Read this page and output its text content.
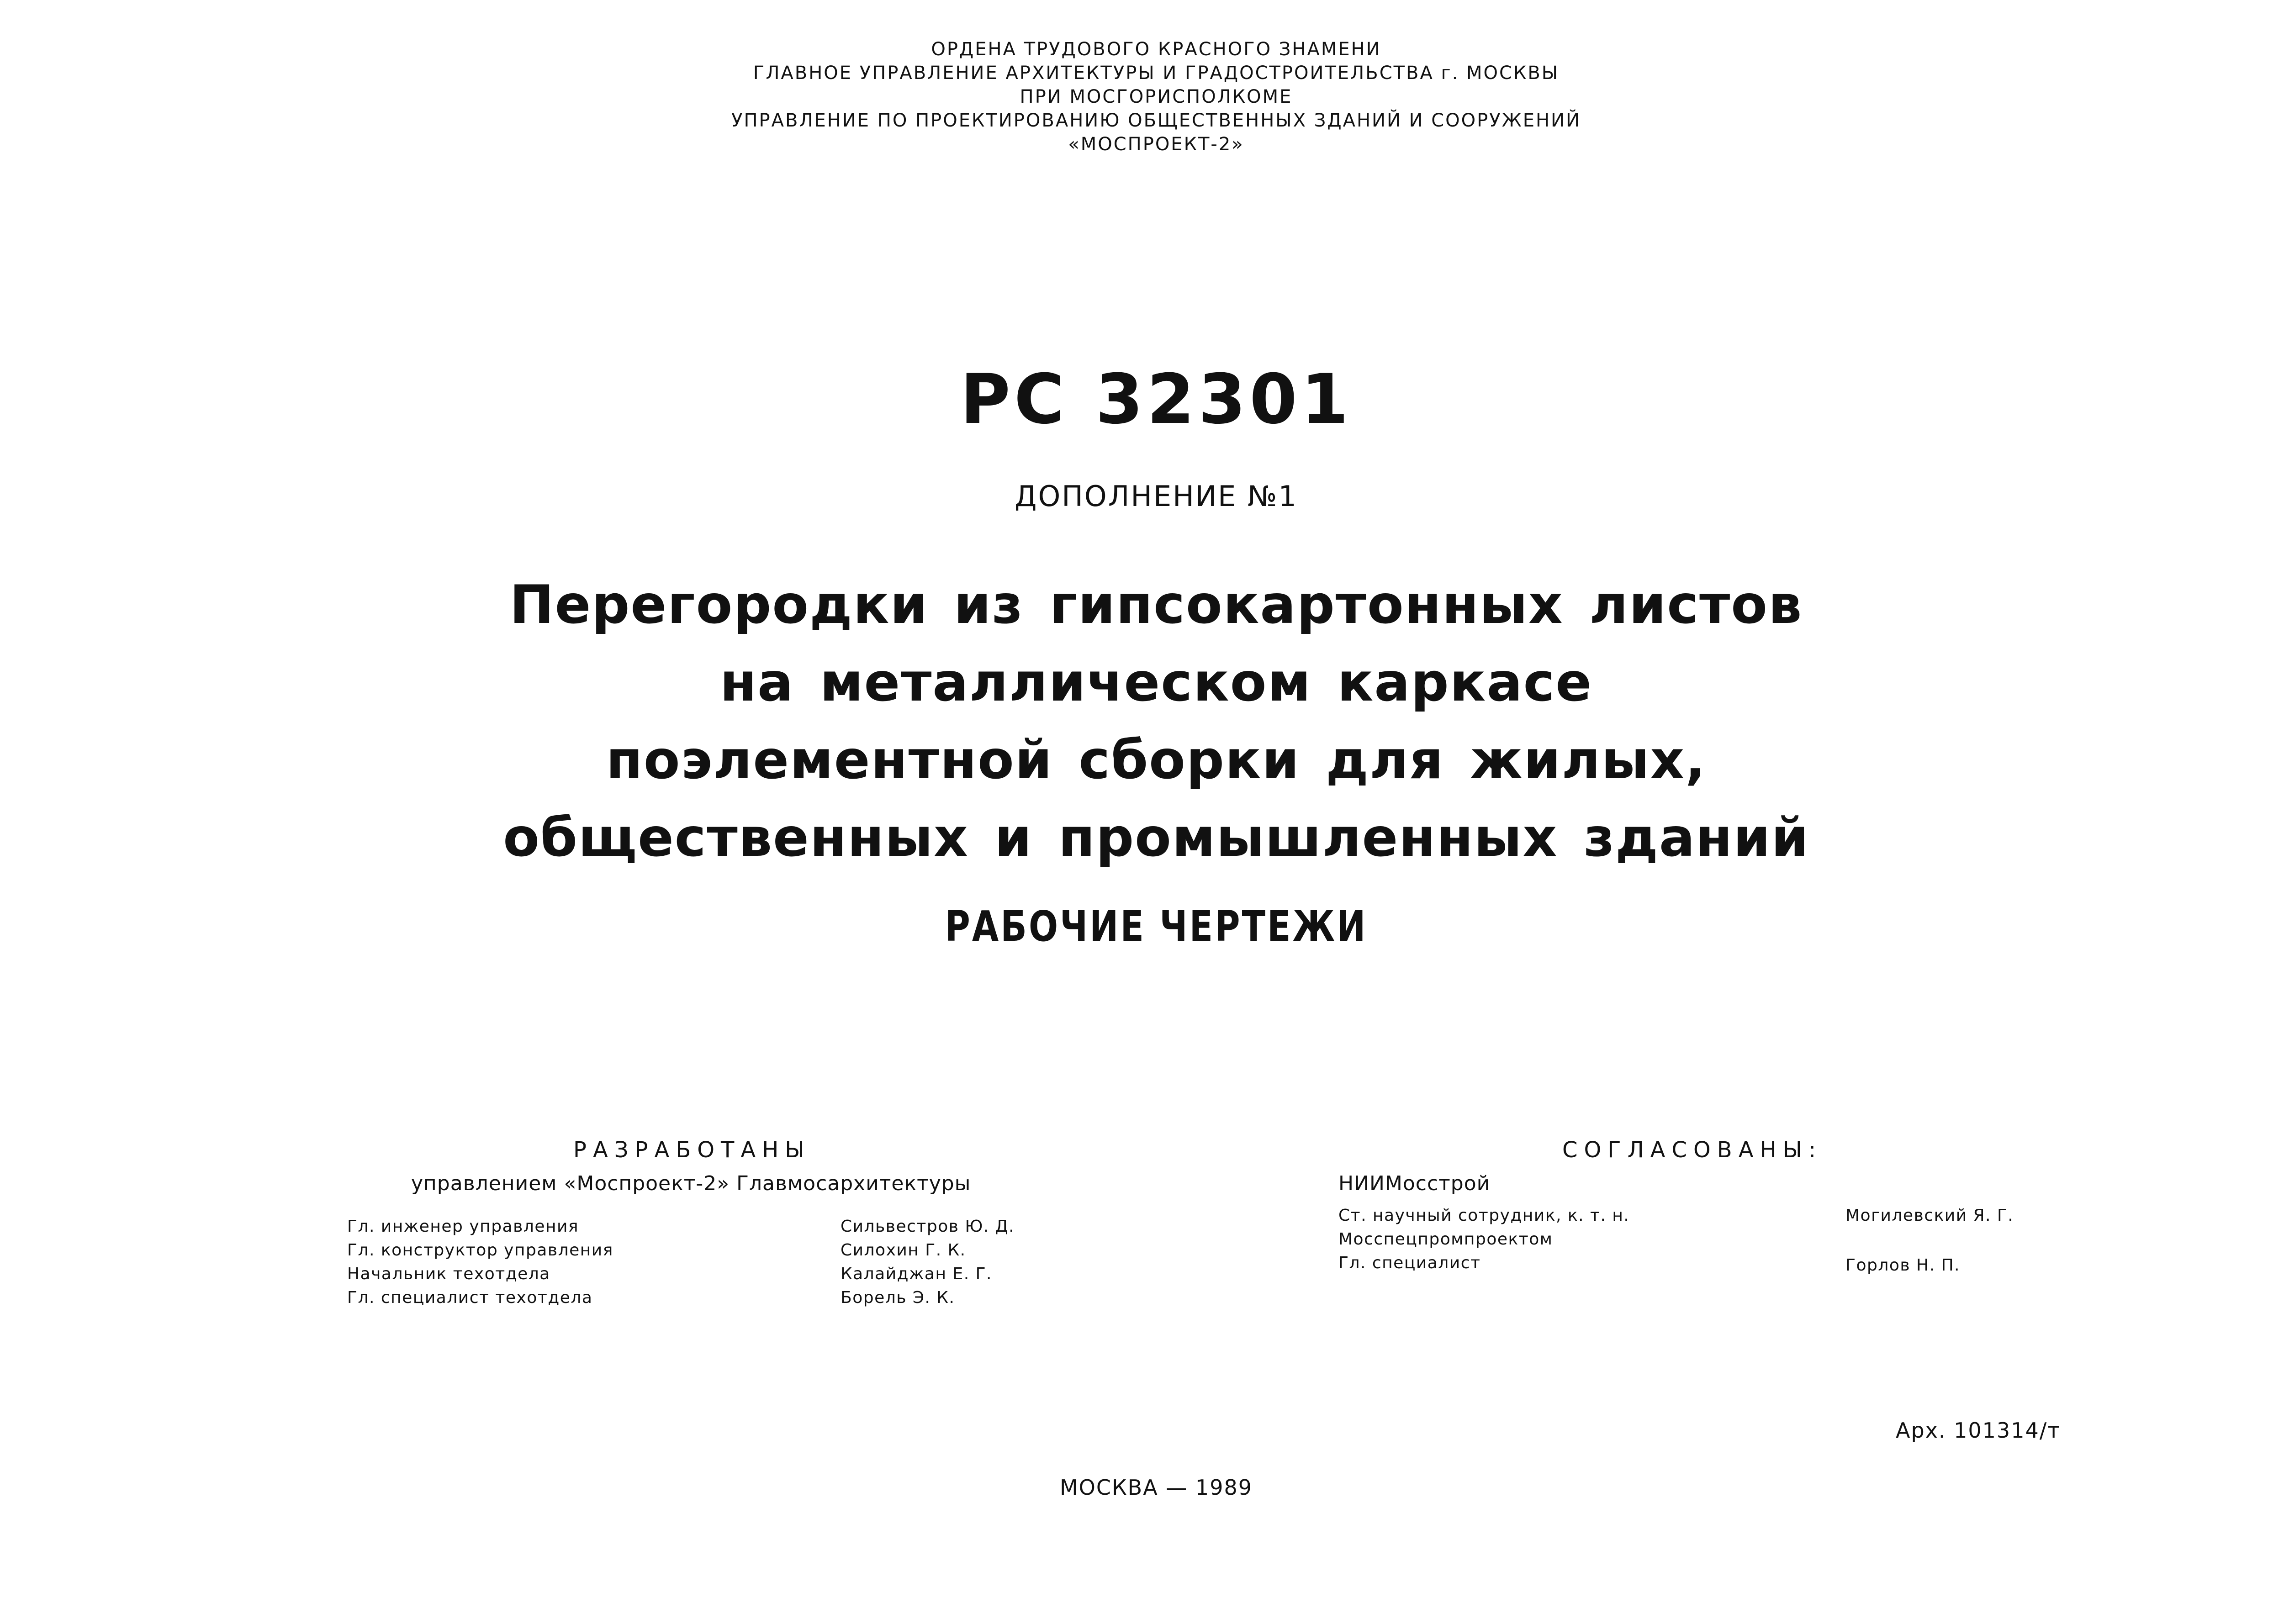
ОРДЕНА ТРУДОВОГО КРАСНОГО ЗНАМЕНИ
ГЛАВНОЕ УПРАВЛЕНИЕ АРХИТЕКТУРЫ И ГРАДОСТРОИТЕЛЬСТВА г. МОСКВЫ
ПРИ МОСГОРИСПОЛКОМЕ
УПРАВЛЕНИЕ ПО ПРОЕКТИРОВАНИЮ ОБЩЕСТВЕННЫХ ЗДАНИЙ И СООРУЖЕНИЙ
«МОСПРОЕКТ-2»
РС 32301
ДОПОЛНЕНИЕ №1
Перегородки из гипсокартонных листов
на металлическом каркасе
поэлементной сборки для жилых,
общественных и промышленных зданий
РАБОЧИЕ ЧЕРТЕЖИ
РАЗРАБОТАНЫ
управлением «Моспроект-2» Главмосархитектуры
Гл. инженер управления	Сильвестров Ю. Д.
Гл. конструктор управления	Силохин Г. К.
Начальник техотдела	Калайджан Е. Г.
Гл. специалист техотдела	Борель Э. К.
СОГЛАСОВАНЫ:
НИИМосстрой
Ст. научный сотрудник, к. т. н.	Могилевский Я. Г.
Мосспецпромпроектом
Гл. специалист	Горлов Н. П.
Арх. 101314/т
МОСКВА — 1989
